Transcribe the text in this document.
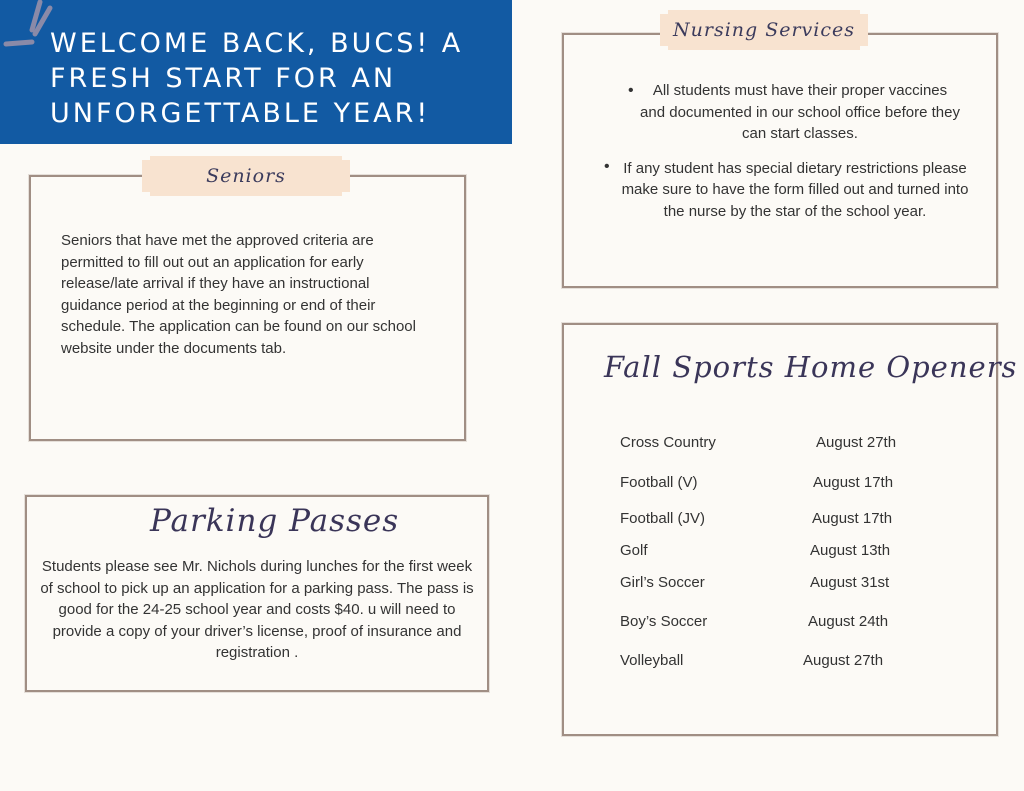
WELCOME BACK, BUCS! A FRESH START FOR AN UNFORGETTABLE YEAR!
Seniors
Seniors that have met the approved criteria are permitted to fill out out an application for early release/late arrival if they have an instructional guidance period at the beginning or end of their schedule. The application can be found on our school website under the documents tab.
Parking Passes
Students please see Mr. Nichols during lunches for the first week of school to pick up an application for a parking pass. The pass is good for the 24-25 school year and costs $40. u will need to provide a copy of your driver’s license, proof of insurance and registration .
Nursing Services
• All students must have their proper vaccines and documented in our school office before they can start classes.
• If any student has special dietary restrictions please make sure to have the form filled out and turned into the nurse by the star of the school year.
Fall Sports Home Openers
Cross Country	August 27th
Football (V)	August 17th
Football (JV)	August 17th
Golf	August 13th
Girl’s Soccer	August 31st
Boy’s Soccer	August 24th
Volleyball	August 27th
